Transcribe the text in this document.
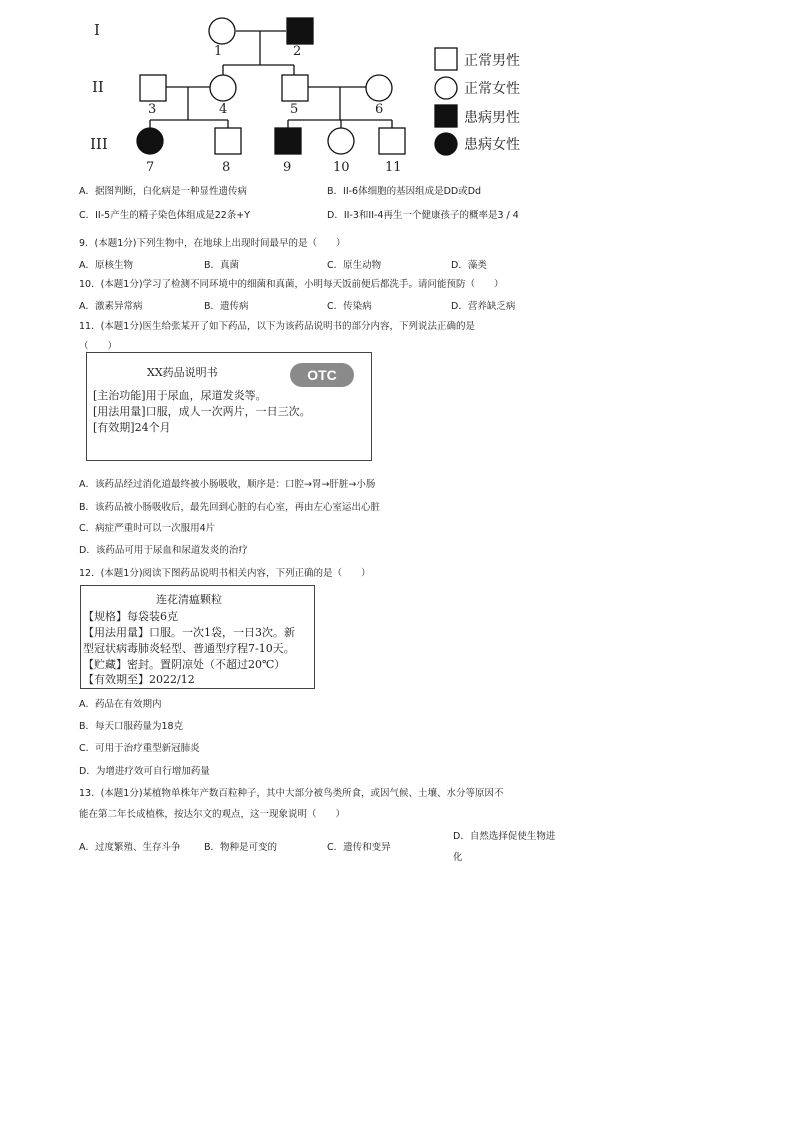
I
II
III
1	2
3	4	5	6
7	8	9	10	11
正常男性
正常女性
患病男性
患病女性
A．据图判断，白化病是一种显性遗传病	B．II-6体细胞的基因组成是DD或Dd
C．II-5产生的精子染色体组成是22条+Y	D．II-3和II-4再生一个健康孩子的概率是3 / 4
9．(本题1分)下列生物中，在地球上出现时间最早的是（　　）
A．原核生物	B．真菌	C．原生动物	D．藻类
10．(本题1分)学习了检测不同环境中的细菌和真菌，小明每天饭前便后都洗手。请问能预防（　　）
A．激素异常病	B．遗传病	C．传染病	D．营养缺乏病
11．(本题1分)医生给张某开了如下药品，以下为该药品说明书的部分内容，下列说法正确的是
（　　）
XX药品说明书	OTC
[主治功能]用于尿血，尿道发炎等。
[用法用量]口服，成人一次两片，一日三次。
[有效期]24个月
A．该药品经过消化道最终被小肠吸收，顺序是：口腔→胃→肝脏→小肠
B．该药品被小肠吸收后，最先回到心脏的右心室，再由左心室运出心脏
C．病症严重时可以一次服用4片
D．该药品可用于尿血和尿道发炎的治疗
12．(本题1分)阅读下图药品说明书相关内容，下列正确的是（　　）
连花清瘟颗粒
【规格】每袋装6克
【用法用量】口服。一次1袋，一日3次。新
型冠状病毒肺炎轻型、普通型疗程7-10天。
【贮藏】密封。置阴凉处（不超过20℃）
【有效期至】2022/12
A．药品在有效期内
B．每天口服药量为18克
C．可用于治疗重型新冠肺炎
D．为增进疗效可自行增加药量
13．(本题1分)某植物单株年产数百粒种子，其中大部分被鸟类所食，或因气候、土壤、水分等原因不
能在第二年长成植株，按达尔文的观点，这一现象说明（　　）
A．过度繁殖、生存斗争 B．物种是可变的	C．遗传和变异
D．自然选择促使生物进
化
